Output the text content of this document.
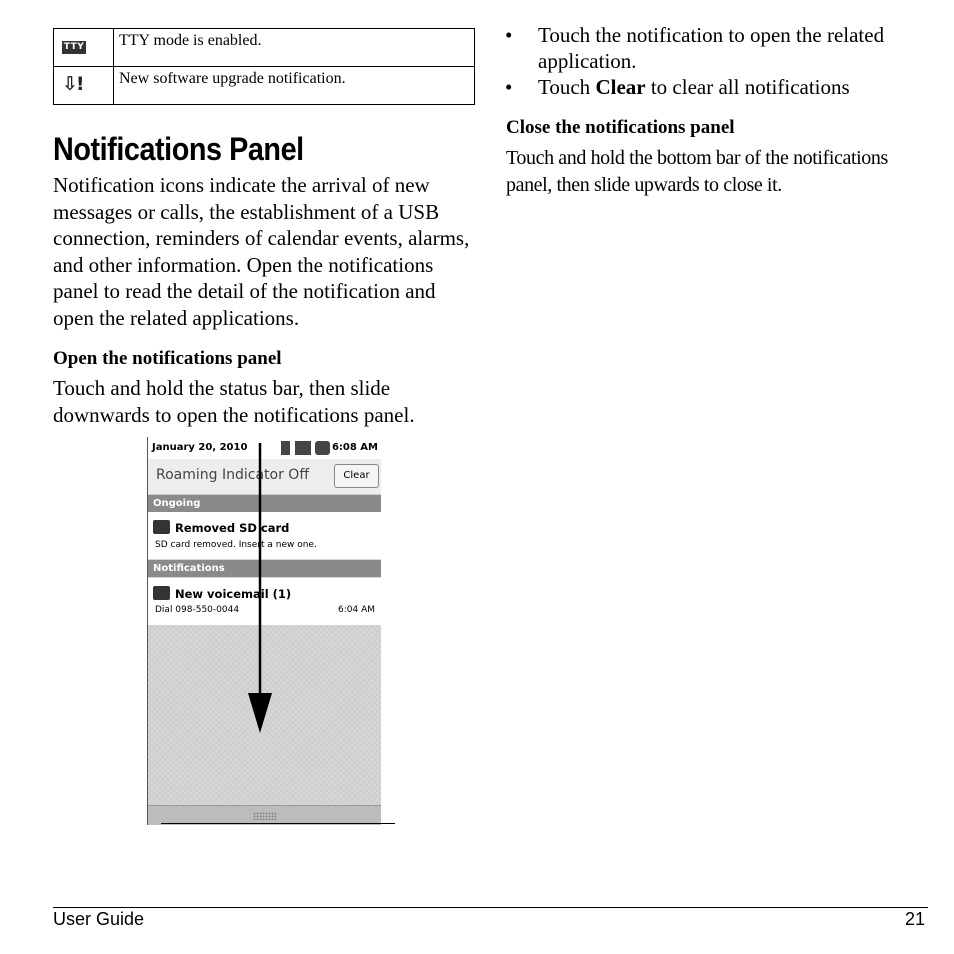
TTY	TTY mode is enabled.

⇩!	New software upgrade notification.
Notifications Panel
Notification icons indicate the arrival of new messages or calls, the establishment of a USB connection, reminders of calendar events, alarms, and other information. Open the notifications panel to read the detail of the notification and open the related applications.
Open the notifications panel
Touch and hold the status bar, then slide downwards to open the notifications panel.
• Touch the notification to open the related application.
• Touch Clear to clear all notifications
Close the notifications panel
Touch and hold the bottom bar of the notifications panel, then slide upwards to close it.
January 20, 2010	6:08 AM
Roaming Indicator Off	Clear
Ongoing
Removed SD card
SD card removed. Insert a new one.
Notifications
New voicemail (1)
Dial 098-550-0044	6:04 AM
User Guide	21
